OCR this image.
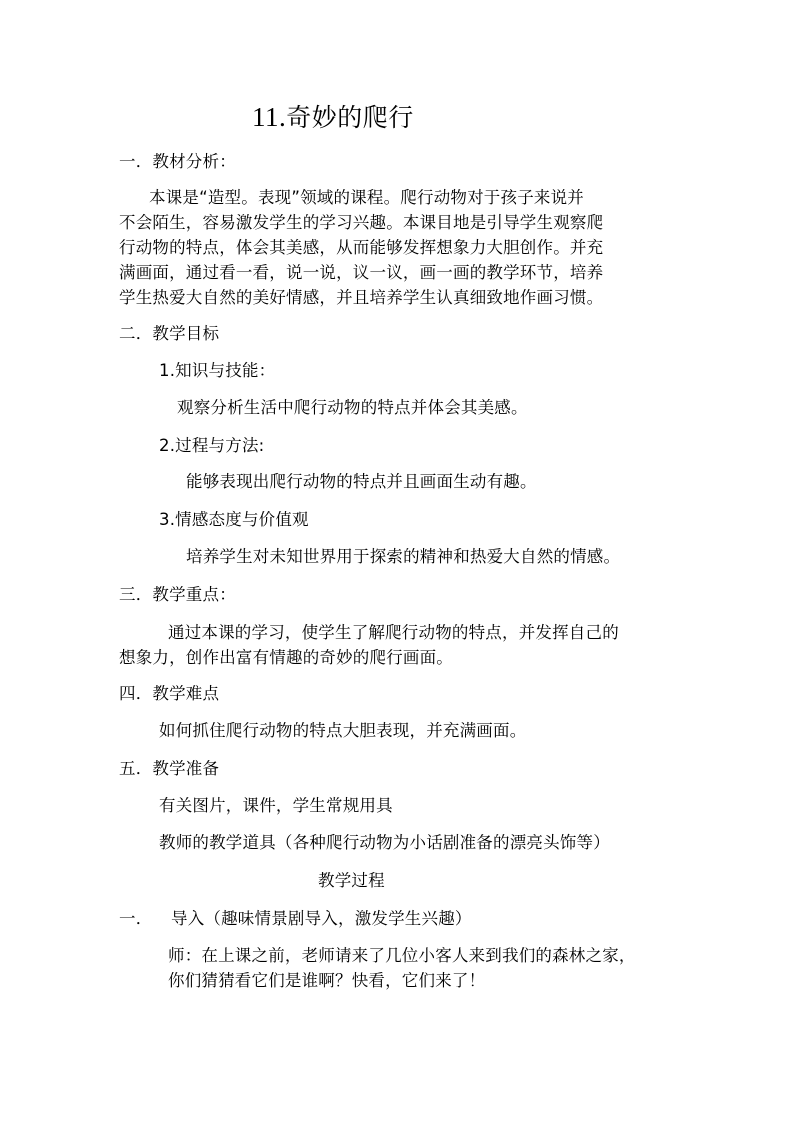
11.奇妙的爬行
一．教材分析：
本课是“造型。表现”领域的课程。爬行动物对于孩子来说并
不会陌生，容易激发学生的学习兴趣。本课目地是引导学生观察爬
行动物的特点，体会其美感，从而能够发挥想象力大胆创作。并充
满画面，通过看一看，说一说，议一议，画一画的教学环节，培养
学生热爱大自然的美好情感，并且培养学生认真细致地作画习惯。
二．教学目标
1.知识与技能：
观察分析生活中爬行动物的特点并体会其美感。
2.过程与方法:
能够表现出爬行动物的特点并且画面生动有趣。
3.情感态度与价值观
培养学生对未知世界用于探索的精神和热爱大自然的情感。
三．教学重点：
通过本课的学习，使学生了解爬行动物的特点，并发挥自己的
想象力，创作出富有情趣的奇妙的爬行画面。
四．教学难点
如何抓住爬行动物的特点大胆表现，并充满画面。
五．教学准备
有关图片，课件，学生常规用具
教师的教学道具（各种爬行动物为小话剧准备的漂亮头饰等）
教学过程
一． 导入（趣味情景剧导入，激发学生兴趣）
师：在上课之前，老师请来了几位小客人来到我们的森林之家，
你们猜猜看它们是谁啊？快看，它们来了！
